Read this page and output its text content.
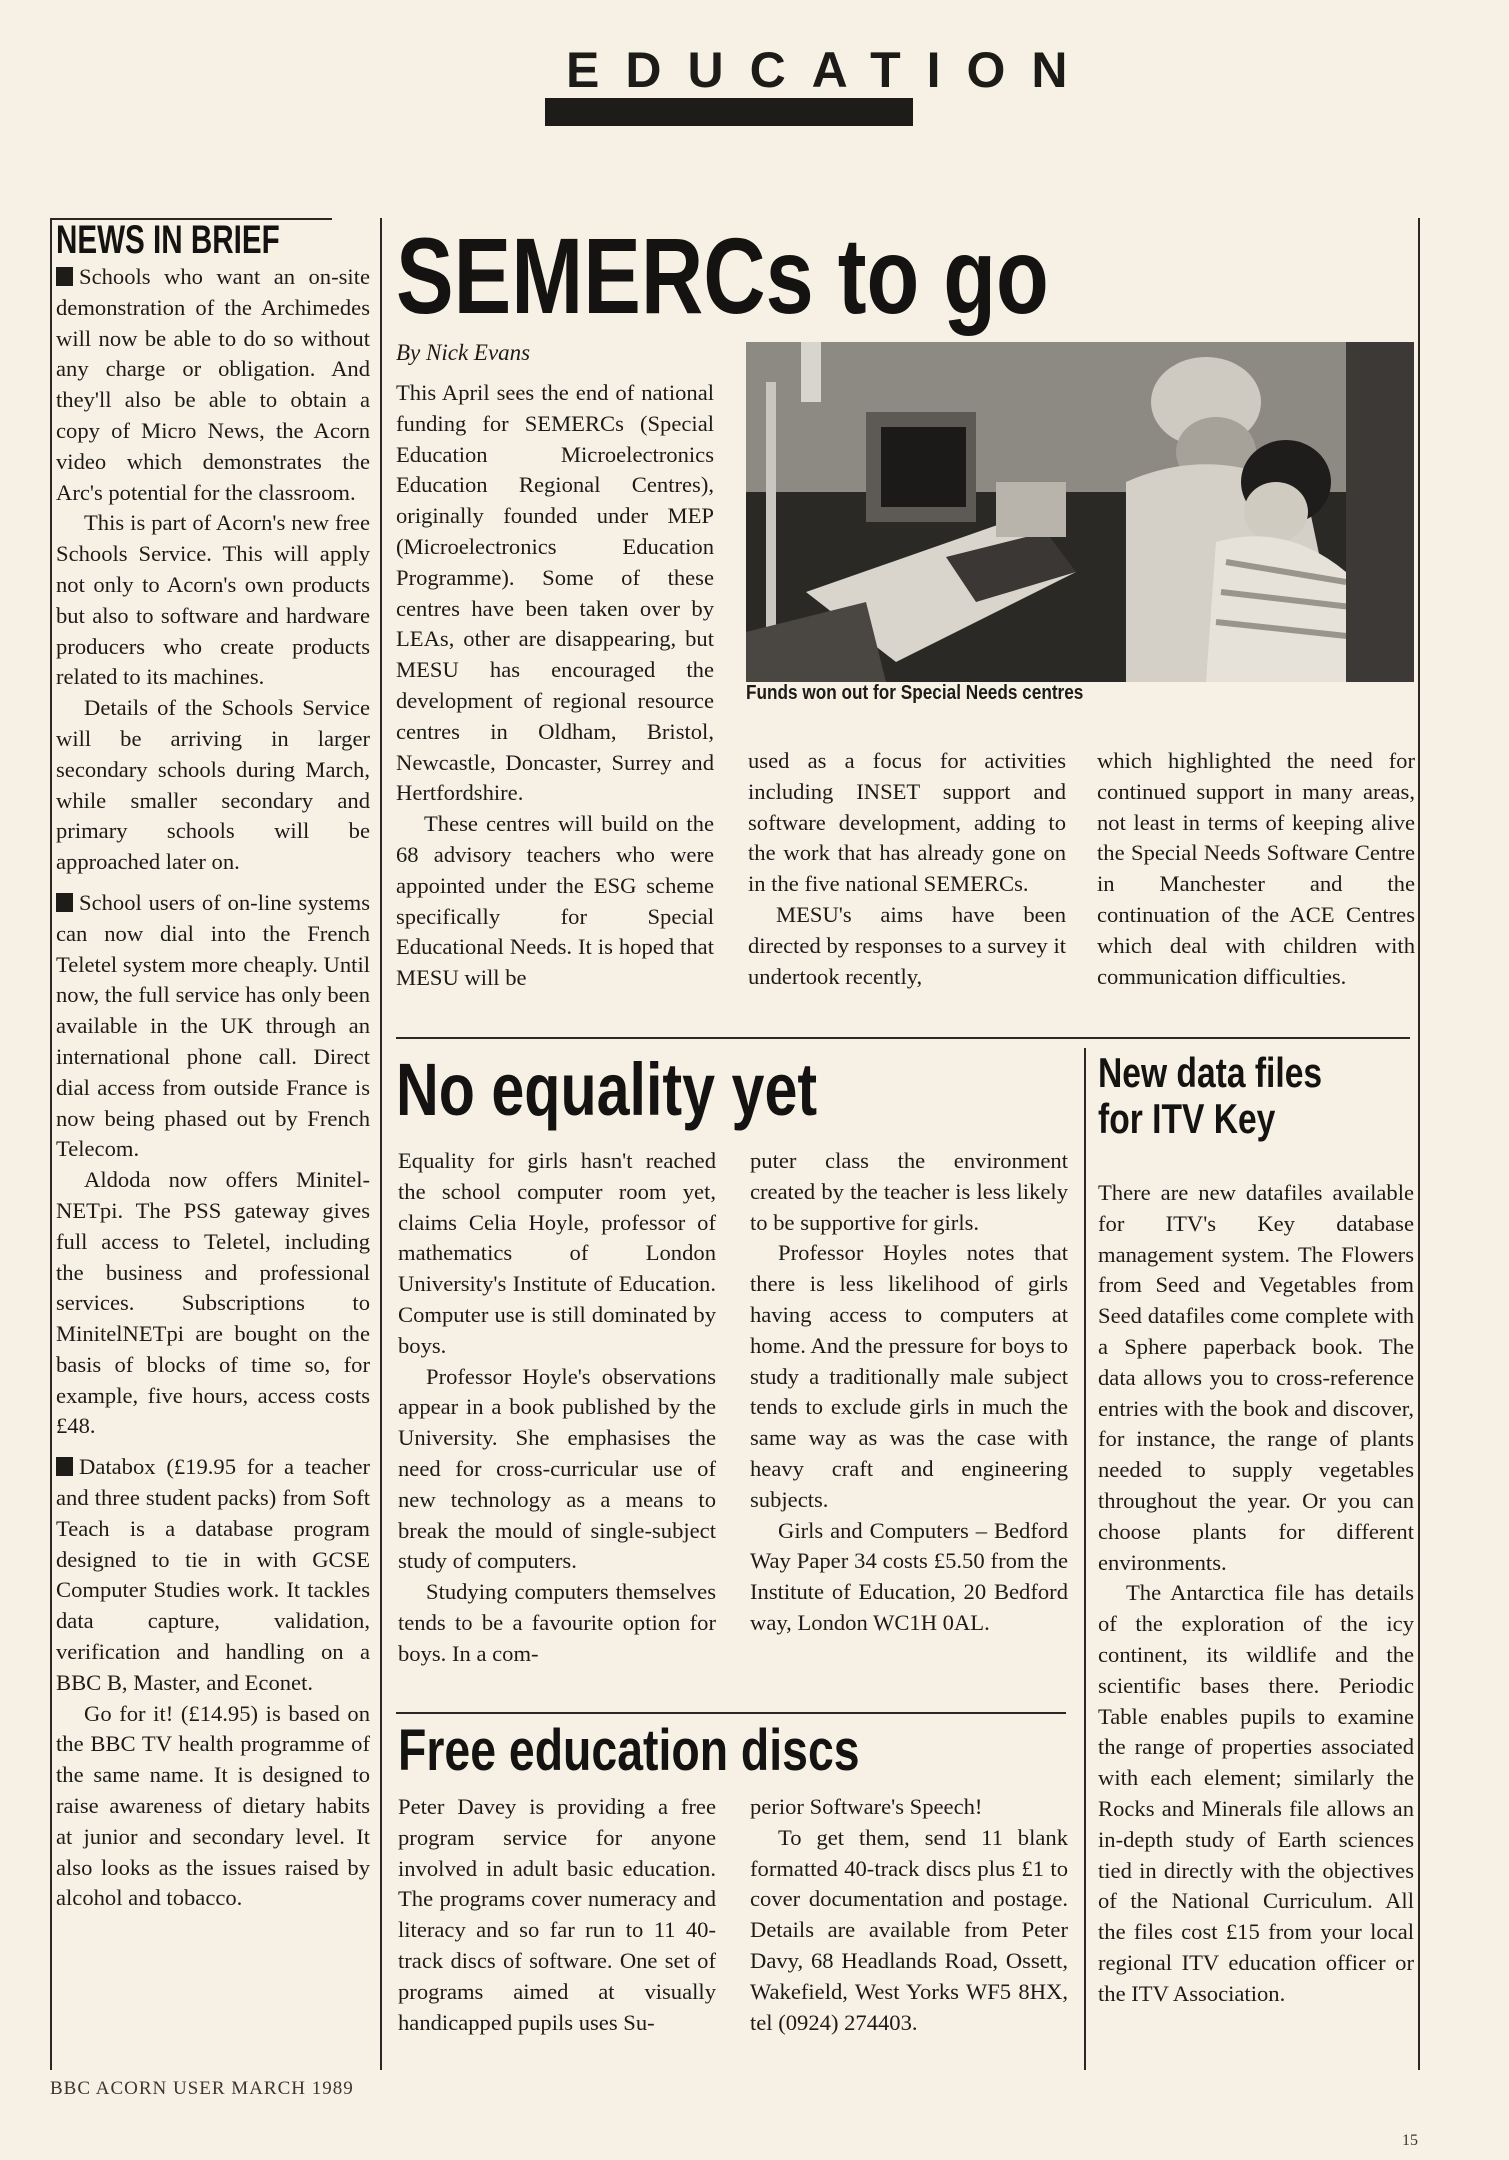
EDUCATION
NEWS IN BRIEF

Schools who want an on-site demonstration of the Archimedes will now be able to do so without any charge or obligation. And they'll also be able to obtain a copy of Micro News, the Acorn video which demonstrates the Arc's potential for the classroom.

This is part of Acorn's new free Schools Service. This will apply not only to Acorn's own products but also to software and hardware producers who create products related to its machines.

Details of the Schools Service will be arriving in larger secondary schools during March, while smaller secondary and primary schools will be approached later on.

School users of on-line systems can now dial into the French Teletel system more cheaply. Until now, the full service has only been available in the UK through an international phone call. Direct dial access from outside France is now being phased out by French Telecom.

Aldoda now offers Minitel-NETpi. The PSS gateway gives full access to Teletel, including the business and professional services. Subscriptions to MinitelNETpi are bought on the basis of blocks of time so, for example, five hours, access costs £48.

Databox (£19.95 for a teacher and three student packs) from Soft Teach is a database program designed to tie in with GCSE Computer Studies work. It tackles data capture, validation, verification and handling on a BBC B, Master, and Econet.

Go for it! (£14.95) is based on the BBC TV health programme of the same name. It is designed to raise awareness of dietary habits at junior and secondary level. It also looks as the issues raised by alcohol and tobacco.

SEMERCs to go
By Nick Evans

This April sees the end of national funding for SEMERCs (Special Education Microelectronics Education Regional Centres), originally founded under MEP (Microelectronics Education Programme). Some of these centres have been taken over by LEAs, other are disappearing, but MESU has encouraged the development of regional resource centres in Oldham, Bristol, Newcastle, Doncaster, Surrey and Hertfordshire.

These centres will build on the 68 advisory teachers who were appointed under the ESG scheme specifically for Special Educational Needs. It is hoped that MESU will be

Funds won out for Special Needs centres

used as a focus for activities including INSET support and software development, adding to the work that has already gone on in the five national SEMERCs.

MESU's aims have been directed by responses to a survey it undertook recently,

which highlighted the need for continued support in many areas, not least in terms of keeping alive the Special Needs Software Centre in Manchester and the continuation of the ACE Centres which deal with children with communication difficulties.

No equality yet

Equality for girls hasn't reached the school computer room yet, claims Celia Hoyle, professor of mathematics of London University's Institute of Education. Computer use is still dominated by boys.

Professor Hoyle's observations appear in a book published by the University. She emphasises the need for cross-curricular use of new technology as a means to break the mould of single-subject study of computers.

Studying computers themselves tends to be a favourite option for boys. In a com-

puter class the environment created by the teacher is less likely to be supportive for girls.

Professor Hoyles notes that there is less likelihood of girls having access to computers at home. And the pressure for boys to study a traditionally male subject tends to exclude girls in much the same way as was the case with heavy craft and engineering subjects.

Girls and Computers – Bedford Way Paper 34 costs £5.50 from the Institute of Education, 20 Bedford way, London WC1H 0AL.

Free education discs

Peter Davey is providing a free program service for anyone involved in adult basic education. The programs cover numeracy and literacy and so far run to 11 40-track discs of software. One set of programs aimed at visually handicapped pupils uses Su-

perior Software's Speech!

To get them, send 11 blank formatted 40-track discs plus £1 to cover documentation and postage. Details are available from Peter Davy, 68 Headlands Road, Ossett, Wakefield, West Yorks WF5 8HX, tel (0924) 274403.

New data files
for ITV Key

There are new datafiles available for ITV's Key database management system. The Flowers from Seed and Vegetables from Seed datafiles come complete with a Sphere paperback book. The data allows you to cross-reference entries with the book and discover, for instance, the range of plants needed to supply vegetables throughout the year. Or you can choose plants for different environments.

The Antarctica file has details of the exploration of the icy continent, its wildlife and the scientific bases there. Periodic Table enables pupils to examine the range of properties associated with each element; similarly the Rocks and Minerals file allows an in-depth study of Earth sciences tied in directly with the objectives of the National Curriculum. All the files cost £15 from your local regional ITV education officer or the ITV Association.

BBC ACORN USER MARCH 1989
15
